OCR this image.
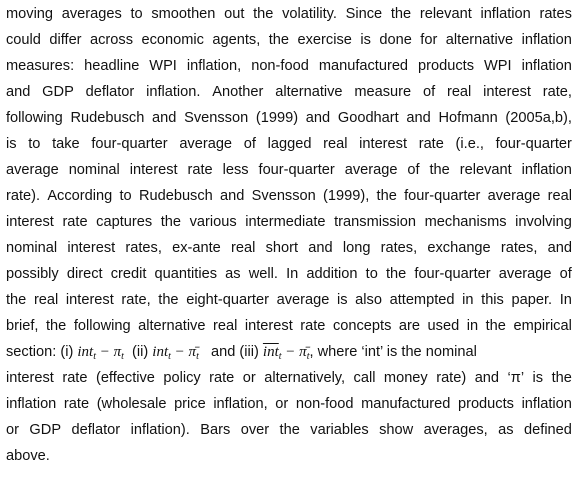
moving averages to smoothen out the volatility. Since the relevant inflation rates
could differ across economic agents, the exercise is done for alternative inflation
measures: headline WPI inflation, non-food manufactured products WPI inflation
and GDP deflator inflation. Another alternative measure of real interest rate,
following Rudebusch and Svensson (1999) and Goodhart and Hofmann (2005a,b),
is to take four-quarter average of lagged real interest rate (i.e., four-quarter
average nominal interest rate less four-quarter average of the relevant inflation
rate). According to Rudebusch and Svensson (1999), the four-quarter average real
interest rate captures the various intermediate transmission mechanisms involving
nominal interest rates, ex-ante real short and long rates, exchange rates, and
possibly direct credit quantities as well. In addition to the four-quarter average of
the real interest rate, the eight-quarter average is also attempted in this paper. In
brief, the following alternative real interest rate concepts are used in the empirical
section: (i) $int_t - \pi_t$ (ii) $int_t - \pī_t$ and (iii) $\overline{int}_t$ − $\pī_t$ , where ‘int’ is the nominal
interest rate (effective policy rate or alternatively, call money rate) and ‘π’ is the
inflation rate (wholesale price inflation, or non-food manufactured products inflation
or GDP deflator inflation). Bars over the variables show averages, as defined
above.
